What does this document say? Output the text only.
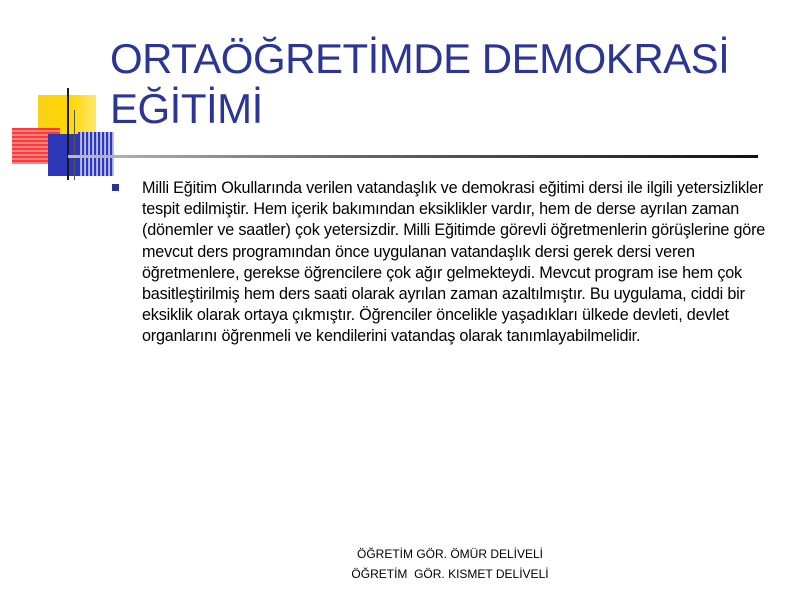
ORTAÖĞRETİMDE DEMOKRASİ EĞİTİMİ

Milli Eğitim Okullarında verilen vatandaşlık ve demokrasi eğitimi dersi ile ilgili yetersizlikler tespit edilmiştir. Hem içerik bakımından eksiklikler vardır, hem de derse ayrılan zaman (dönemler ve saatler) çok yetersizdir. Milli Eğitimde görevli öğretmenlerin görüşlerine göre mevcut ders programından önce uygulanan vatandaşlık dersi gerek dersi veren öğretmenlere, gerekse öğrencilere çok ağır gelmekteydi. Mevcut program ise hem çok basitleştirilmiş hem ders saati olarak ayrılan zaman azaltılmıştır. Bu uygulama, ciddi bir eksiklik olarak ortaya çıkmıştır. Öğrenciler öncelikle yaşadıkları ülkede devleti, devlet organlarını öğrenmeli ve kendilerini vatandaş olarak tanımlayabilmelidir.

ÖĞRETİM GÖR. ÖMÜR DELİVELİ
ÖĞRETİM  GÖR. KISMET DELİVELİ
